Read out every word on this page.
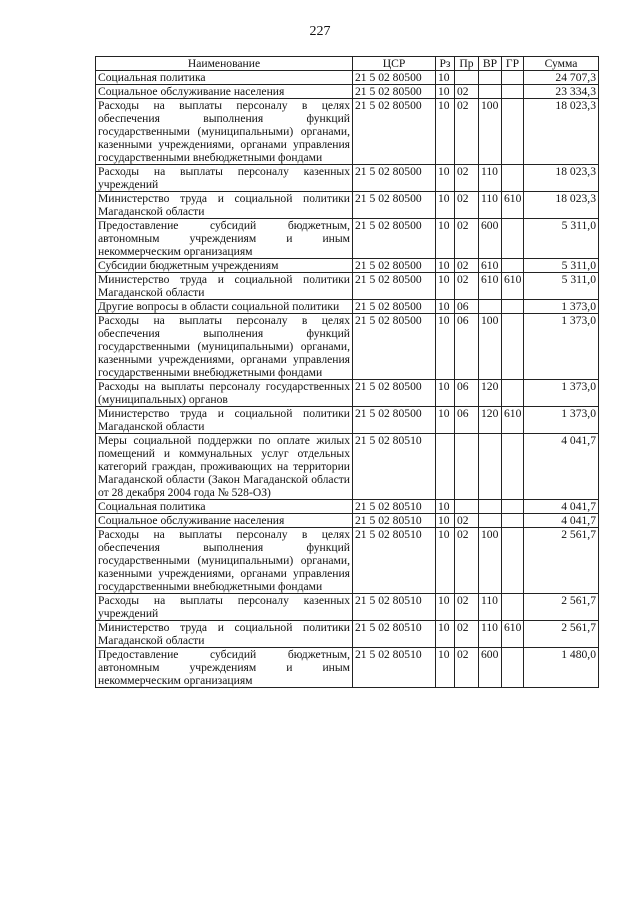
227
Наименование	ЦСР	Рз	Пр	ВР	ГР	Сумма
Социальная политика	21 5 02 80500	10				24 707,3
Социальное обслуживание населения	21 5 02 80500	10	02			23 334,3
Расходы на выплаты персоналу в целях обеспечения выполнения функций государственными (муниципальными) органами, казенными учреждениями, органами управления государственными внебюджетными фондами	21 5 02 80500	10	02	100		18 023,3
Расходы на выплаты персоналу казенных учреждений	21 5 02 80500	10	02	110		18 023,3
Министерство труда и социальной политики Магаданской области	21 5 02 80500	10	02	110	610	18 023,3
Предоставление субсидий бюджетным, автономным учреждениям и иным некоммерческим организациям	21 5 02 80500	10	02	600		5 311,0
Субсидии бюджетным учреждениям	21 5 02 80500	10	02	610		5 311,0
Министерство труда и социальной политики Магаданской области	21 5 02 80500	10	02	610	610	5 311,0
Другие вопросы в области социальной политики	21 5 02 80500	10	06			1 373,0
Расходы на выплаты персоналу в целях обеспечения выполнения функций государственными (муниципальными) органами, казенными учреждениями, органами управления государственными внебюджетными фондами	21 5 02 80500	10	06	100		1 373,0
Расходы на выплаты персоналу государственных (муниципальных) органов	21 5 02 80500	10	06	120		1 373,0
Министерство труда и социальной политики Магаданской области	21 5 02 80500	10	06	120	610	1 373,0
Меры социальной поддержки по оплате жилых помещений и коммунальных услуг отдельных категорий граждан, проживающих на территории Магаданской области (Закон Магаданской области от 28 декабря 2004 года № 528-ОЗ)	21 5 02 80510					4 041,7
Социальная политика	21 5 02 80510	10				4 041,7
Социальное обслуживание населения	21 5 02 80510	10	02			4 041,7
Расходы на выплаты персоналу в целях обеспечения выполнения функций государственными (муниципальными) органами, казенными учреждениями, органами управления государственными внебюджетными фондами	21 5 02 80510	10	02	100		2 561,7
Расходы на выплаты персоналу казенных учреждений	21 5 02 80510	10	02	110		2 561,7
Министерство труда и социальной политики Магаданской области	21 5 02 80510	10	02	110	610	2 561,7
Предоставление субсидий бюджетным, автономным учреждениям и иным некоммерческим организациям	21 5 02 80510	10	02	600		1 480,0
